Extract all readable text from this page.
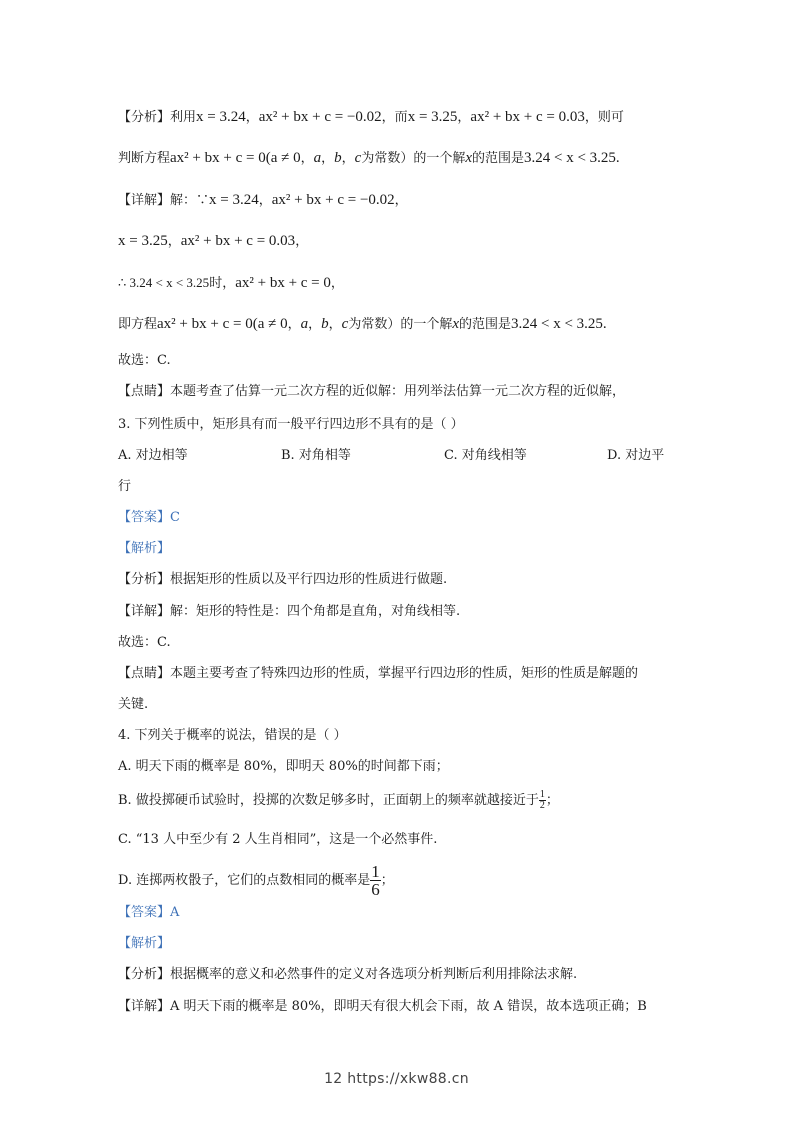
【分析】利用x = 3.24，ax² + bx + c = −0.02，而x = 3.25，ax² + bx + c = 0.03，则可
判断方程ax² + bx + c = 0(a ≠ 0，a，b，c为常数）的一个解x的范围是3.24 < x < 3.25.
【详解】解：∵x = 3.24，ax² + bx + c = −0.02，
x = 3.25，ax² + bx + c = 0.03，
∴ 3.24 < x < 3.25时，ax² + bx + c = 0，
即方程ax² + bx + c = 0(a ≠ 0，a，b，c为常数）的一个解x的范围是3.24 < x < 3.25.
故选：C.
【点睛】本题考查了估算一元二次方程的近似解：用列举法估算一元二次方程的近似解，
3. 下列性质中，矩形具有而一般平行四边形不具有的是（ ）
A. 对边相等	B. 对角相等	C. 对角线相等	D. 对边平
行
【答案】C
【解析】
【分析】根据矩形的性质以及平行四边形的性质进行做题.
【详解】解：矩形的特性是：四个角都是直角，对角线相等.
故选：C.
【点睛】本题主要考查了特殊四边形的性质，掌握平行四边形的性质，矩形的性质是解题的
关键.
4. 下列关于概率的说法，错误的是（ ）
A. 明天下雨的概率是 80%，即明天 80%的时间都下雨；
B. 做投掷硬币试验时，投掷的次数足够多时，正面朝上的频率就越接近于 $\frac{1}{2}$ ；
C. “13 人中至少有 2 人生肖相同”，这是一个必然事件.
D. 连掷两枚骰子，它们的点数相同的概率是 $\frac{1}{6}$ ；
【答案】A
【解析】
【分析】根据概率的意义和必然事件的定义对各选项分析判断后利用排除法求解.
【详解】A 明天下雨的概率是 80%，即明天有很大机会下雨，故 A 错误，故本选项正确；B
12 https://xkw88.cn
